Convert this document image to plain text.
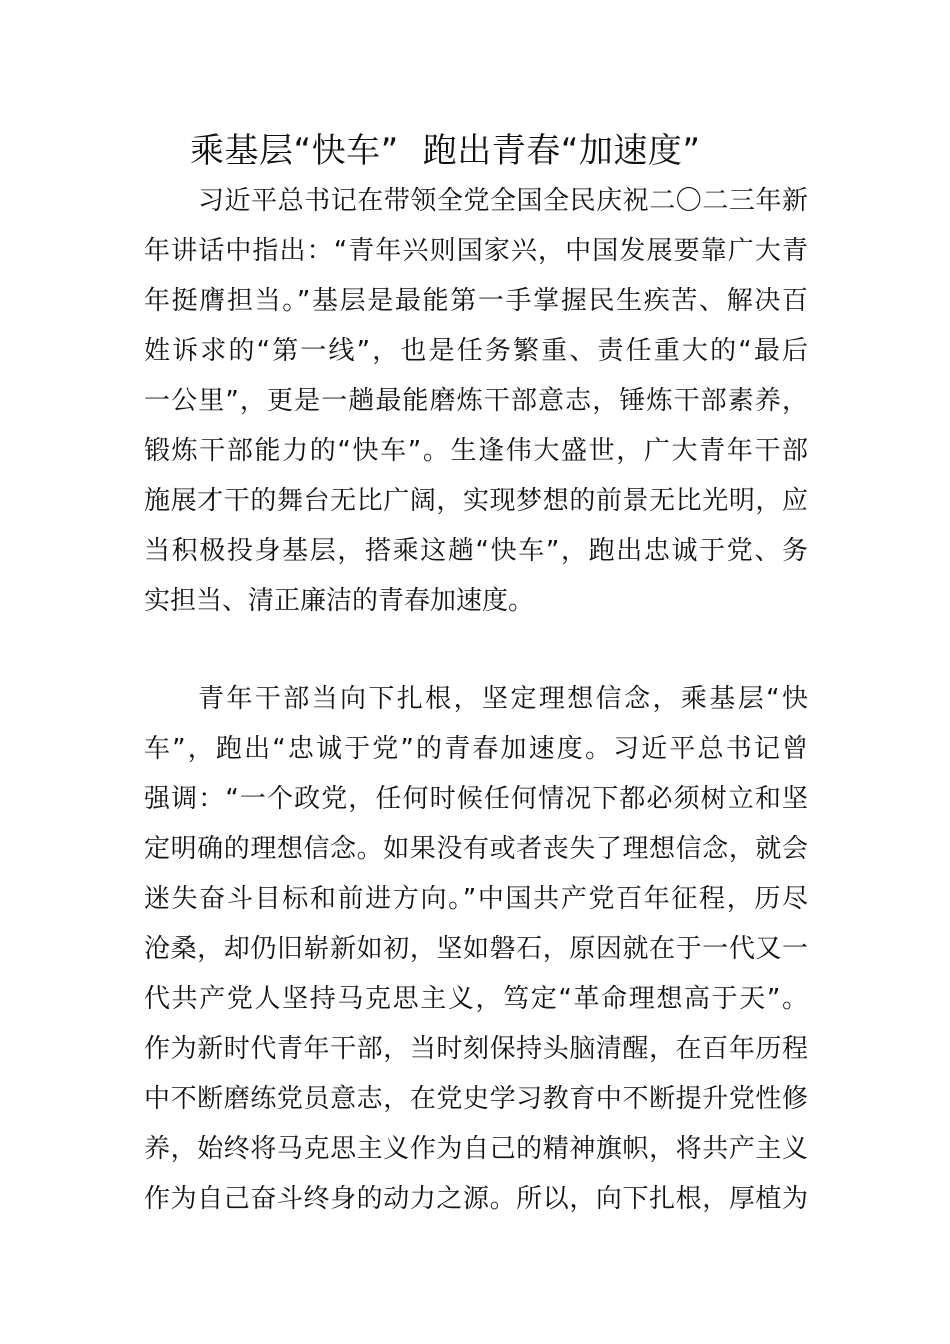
乘基层“快车” 跑出青春“加速度”
习近平总书记在带领全党全国全民庆祝二〇二三年新
年讲话中指出：“青年兴则国家兴，中国发展要靠广大青
年挺膺担当。”基层是最能第一手掌握民生疾苦、解决百
姓诉求的“第一线”，也是任务繁重、责任重大的“最后
一公里”，更是一趟最能磨炼干部意志，锤炼干部素养，
锻炼干部能力的“快车”。生逢伟大盛世，广大青年干部
施展才干的舞台无比广阔，实现梦想的前景无比光明，应
当积极投身基层，搭乘这趟“快车”，跑出忠诚于党、务
实担当、清正廉洁的青春加速度。
青年干部当向下扎根，坚定理想信念，乘基层“快
车”，跑出“忠诚于党”的青春加速度。习近平总书记曾
强调：“一个政党，任何时候任何情况下都必须树立和坚
定明确的理想信念。如果没有或者丧失了理想信念，就会
迷失奋斗目标和前进方向。”中国共产党百年征程，历尽
沧桑，却仍旧崭新如初，坚如磐石，原因就在于一代又一
代共产党人坚持马克思主义，笃定“革命理想高于天”。
作为新时代青年干部，当时刻保持头脑清醒，在百年历程
中不断磨练党员意志，在党史学习教育中不断提升党性修
养，始终将马克思主义作为自己的精神旗帜，将共产主义
作为自己奋斗终身的动力之源。所以，向下扎根，厚植为
